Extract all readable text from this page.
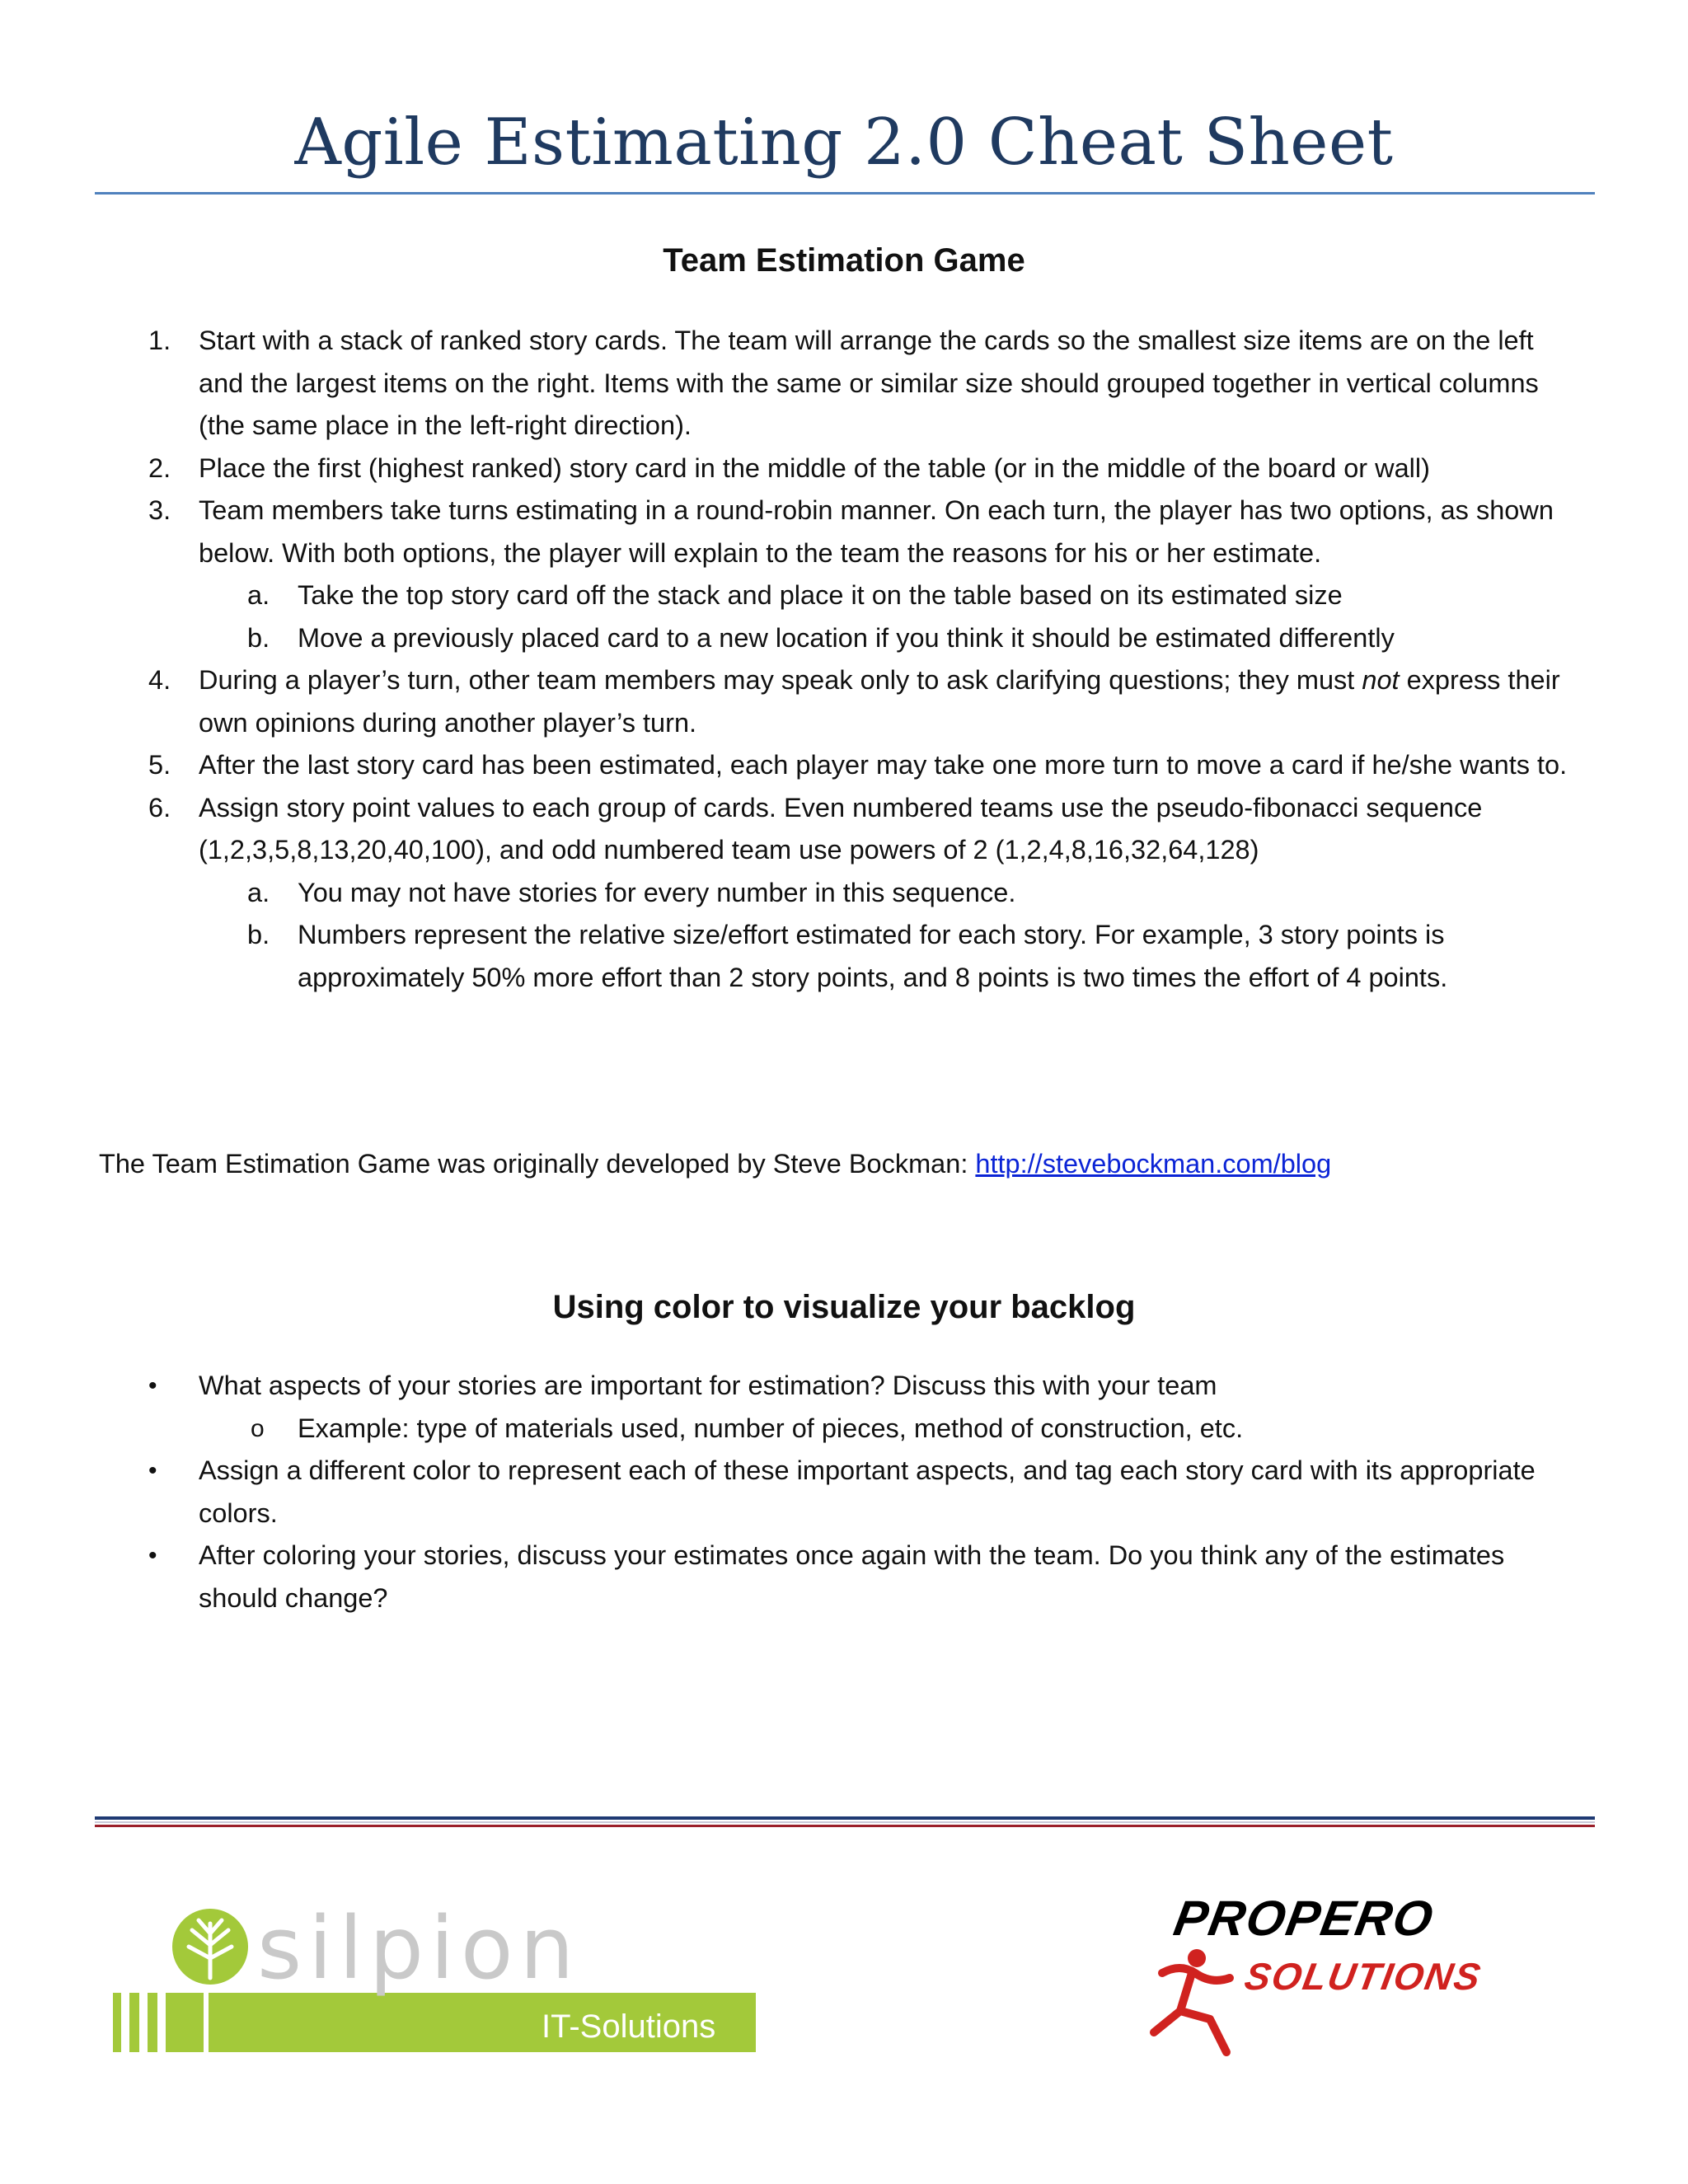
Agile Estimating 2.0 Cheat Sheet
Team Estimation Game
1.	Start with a stack of ranked story cards. The team will arrange the cards so the smallest size items are on the left and the largest items on the right. Items with the same or similar size should grouped together in vertical columns (the same place in the left-right direction).
2.	Place the first (highest ranked) story card in the middle of the table (or in the middle of the board or wall)
3.	Team members take turns estimating in a round-robin manner. On each turn, the player has two options, as shown below. With both options, the player will explain to the team the reasons for his or her estimate.
a.	Take the top story card off the stack and place it on the table based on its estimated size
b.	Move a previously placed card to a new location if you think it should be estimated differently
4.	During a player’s turn, other team members may speak only to ask clarifying questions; they must not express their own opinions during another player’s turn.
5.	After the last story card has been estimated, each player may take one more turn to move a card if he/she wants to.
6.	Assign story point values to each group of cards. Even numbered teams use the pseudo-fibonacci sequence (1,2,3,5,8,13,20,40,100), and odd numbered team use powers of 2 (1,2,4,8,16,32,64,128)
a.	You may not have stories for every number in this sequence.
b.	Numbers represent the relative size/effort estimated for each story. For example, 3 story points is approximately 50% more effort than 2 story points, and 8 points is two times the effort of 4 points.
The Team Estimation Game was originally developed by Steve Bockman: http://stevebockman.com/blog
Using color to visualize your backlog
•	What aspects of your stories are important for estimation? Discuss this with your team
o	Example: type of materials used, number of pieces, method of construction, etc.
•	Assign a different color to represent each of these important aspects, and tag each story card with its appropriate colors.
•	After coloring your stories, discuss your estimates once again with the team. Do you think any of the estimates should change?
silpion
IT-Solutions
PROPERO
SOLUTIONS
